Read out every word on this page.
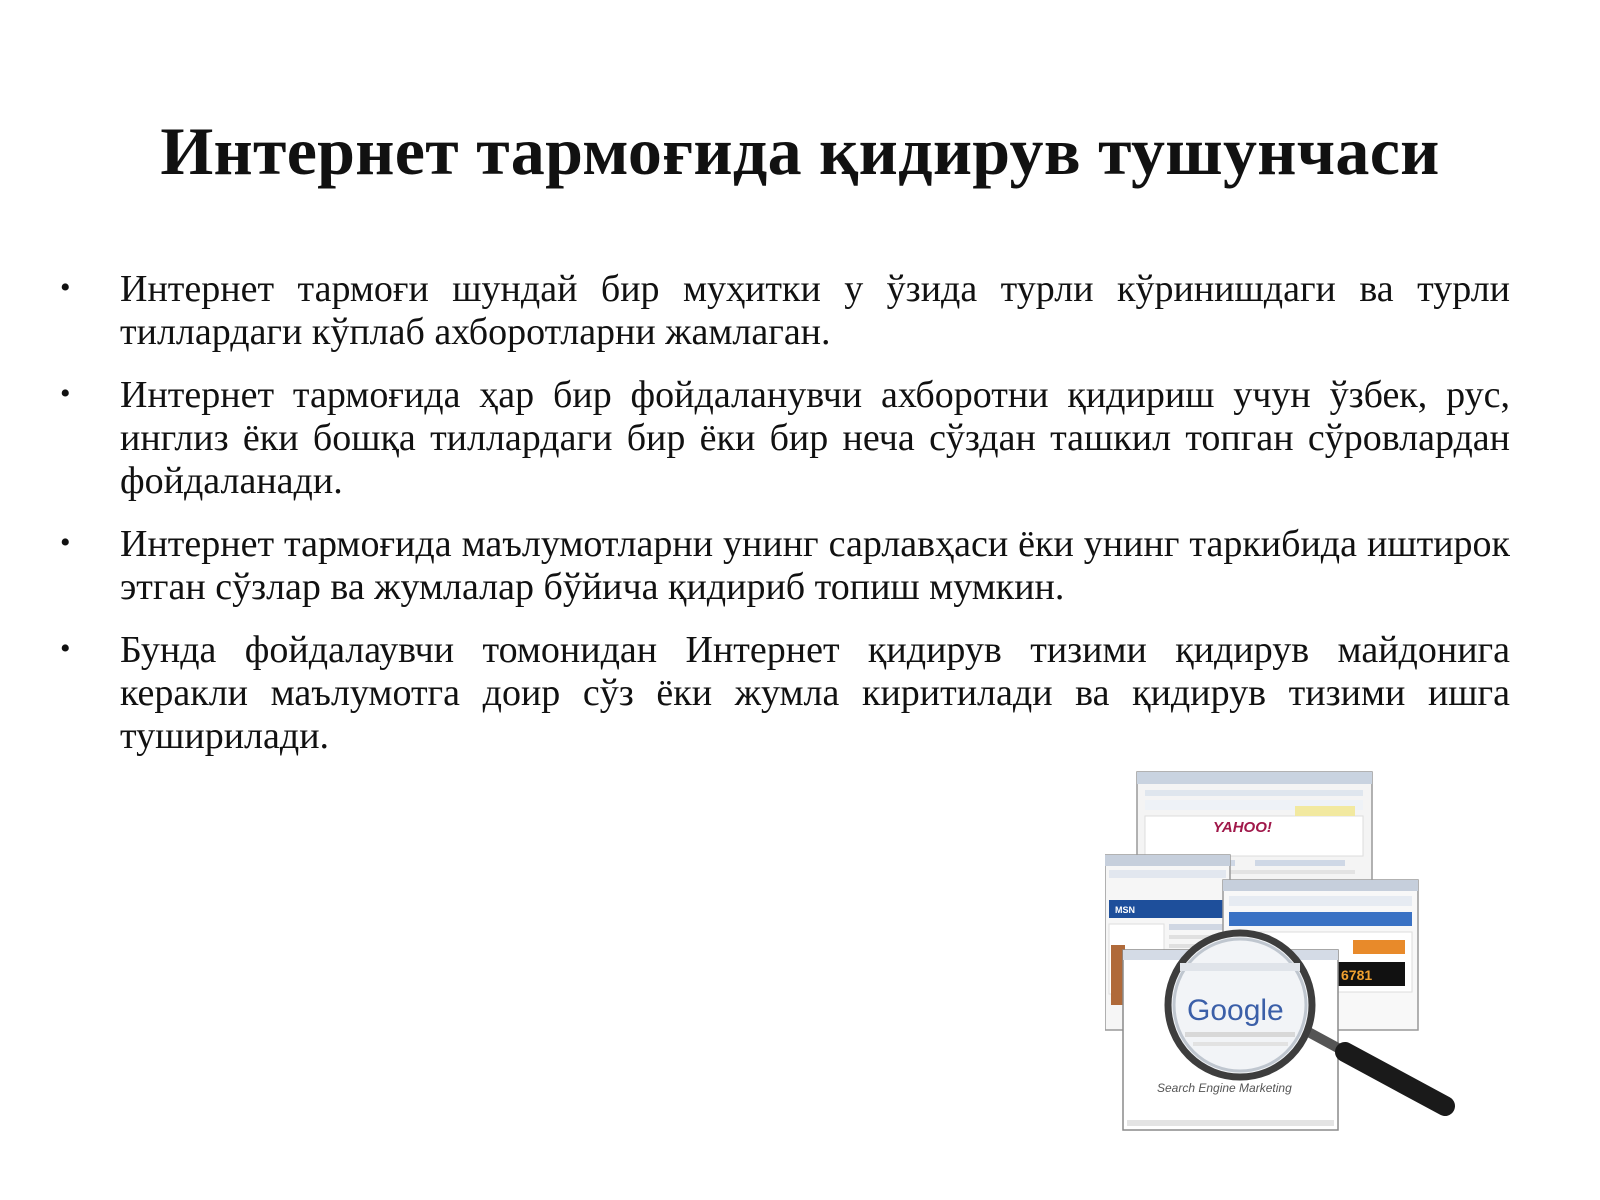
Интернет тармоғида қидирув тушунчаси
• Интернет тармоғи шундай бир муҳитки у ўзида турли кўринишдаги ва турли тиллардаги кўплаб ахборотларни жамлаган.
• Интернет тармоғида ҳар бир фойдаланувчи ахборотни қидириш учун ўзбек, рус, инглиз ёки бошқа тиллардаги бир ёки бир неча сўздан ташкил топган сўровлардан фойдаланади.
• Интернет тармоғида маълумотларни унинг сарлавҳаси ёки унинг таркибида иштирок этган сўзлар ва жумлалар бўйича қидириб топиш мумкин.
• Бунда фойдалаувчи томонидан Интернет қидирув тизими қидирув майдонига керакли маълумотга доир сўз ёки жумла киритилади ва қидирув тизими ишга туширилади.
YAHOO!
MSN
6781
Search Engine Marketing
Google
